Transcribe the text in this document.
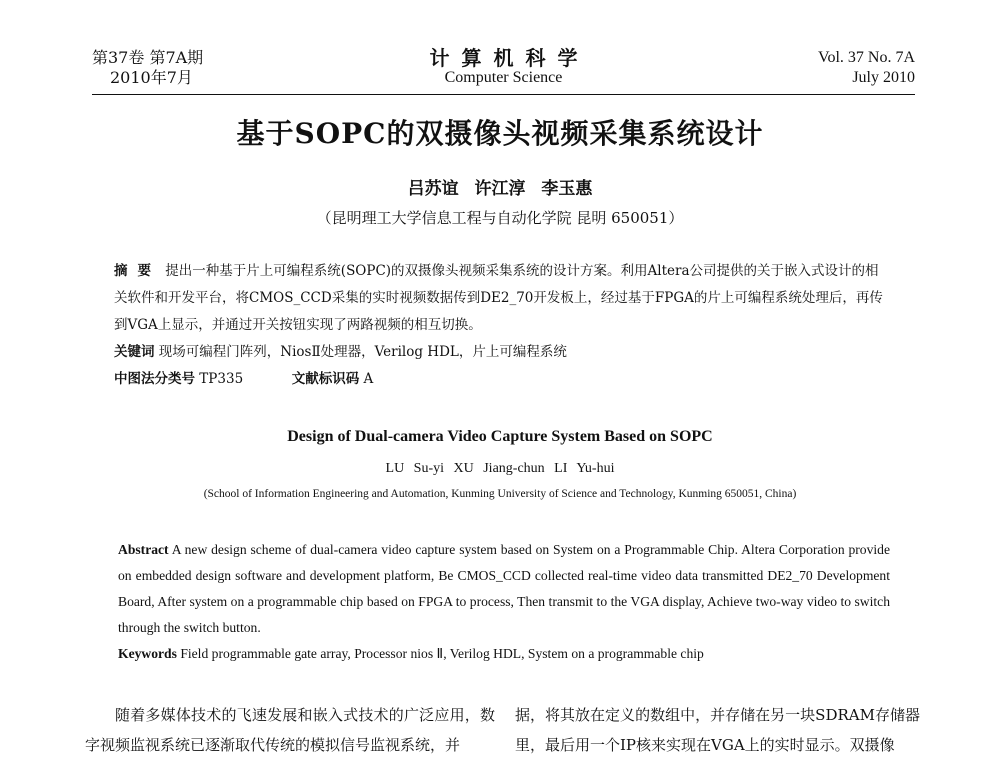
第37卷 第7A期
2010年7月
计算机科学
Computer Science
Vol. 37 No. 7A
July 2010
基于SOPC的双摄像头视频采集系统设计
吕苏谊 许江淳 李玉惠
（昆明理工大学信息工程与自动化学院 昆明 650051）

摘要 提出一种基于片上可编程系统(SOPC)的双摄像头视频采集系统的设计方案。利用Altera公司提供的关于嵌入式设计的相关软件和开发平台，将CMOS_CCD采集的实时视频数据传到DE2_70开发板上，经过基于FPGA的片上可编程系统处理后，再传到VGA上显示，并通过开关按钮实现了两路视频的相互切换。

关键词 现场可编程门阵列，NiosⅡ处理器，Verilog HDL，片上可编程系统

中图法分类号 TP335	文献标识码 A

Design of Dual-camera Video Capture System Based on SOPC
LU Su-yi XU Jiang-chun LI Yu-hui
(School of Information Engineering and Automation, Kunming University of Science and Technology, Kunming 650051, China)

Abstract A new design scheme of dual-camera video capture system based on System on a Programmable Chip. Altera Corporation provide on embedded design software and development platform, Be CMOS_CCD collected real-time video data transmitted DE2_70 Development Board, After system on a programmable chip based on FPGA to process, Then transmit to the VGA display, Achieve two-way video to switch through the switch button.

Keywords Field programmable gate array, Processor nios Ⅱ, Verilog HDL, System on a programmable chip

随着多媒体技术的飞速发展和嵌入式技术的广泛应用，数字视频监视系统已逐渐取代传统的模拟信号监视系统，并

据，将其放在定义的数组中，并存储在另一块SDRAM存储器里，最后用一个IP核来实现在VGA上的实时显示。双摄像
